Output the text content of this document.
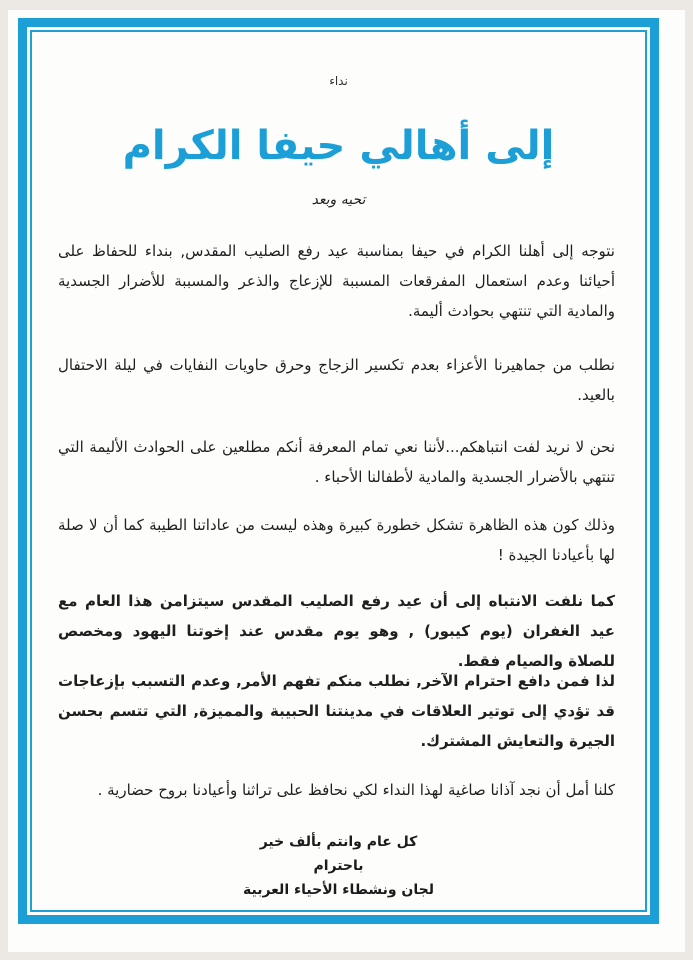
نداء
إلى أهالي حيفا الكرام
تحيه وبعد
نتوجه إلى أهلنا الكرام في حيفا بمناسبة عيد رفع الصليب المقدس, بنداء للحفاظ على أحيائنا وعدم استعمال المفرقعات المسببة للإزعاج والذعر والمسببة للأضرار الجسدية والمادية التي تنتهي بحوادث أليمة.
نطلب من جماهيرنا الأعزاء بعدم تكسير الزجاج وحرق حاويات النفايات في ليلة الاحتفال بالعيد.
نحن لا نريد لفت انتباهكم...لأننا نعي تمام المعرفة أنكم مطلعين على الحوادث الأليمة التي تنتهي بالأضرار الجسدية والمادية لأطفالنا الأحباء .
وذلك كون هذه الظاهرة تشكل خطورة كبيرة وهذه ليست من عاداتنا الطيبة كما أن لا صلة لها بأعيادنا الجيدة !
كما نلفت الانتباه إلى أن عيد رفع الصليب المقدس سيتزامن هذا العام مع عيد الغفران (يوم كيبور) , وهو يوم مقدس عند إخوتنا اليهود ومخصص للصلاة والصيام فقط.
لذا فمن دافع احترام الآخر, نطلب منكم تفهم الأمر, وعدم التسبب بإزعاجات قد تؤدي إلى توتير العلاقات في مدينتنا الحبيبة والمميزة, التي تتسم بحسن الجيرة والتعايش المشترك.
كلنا أمل أن نجد آذانا صاغية لهذا النداء لكي نحافظ على تراثنا وأعيادنا بروح حضارية .
كل عام وانتم بألف خير
باحترام
لجان ونشطاء الأحياء العربية
